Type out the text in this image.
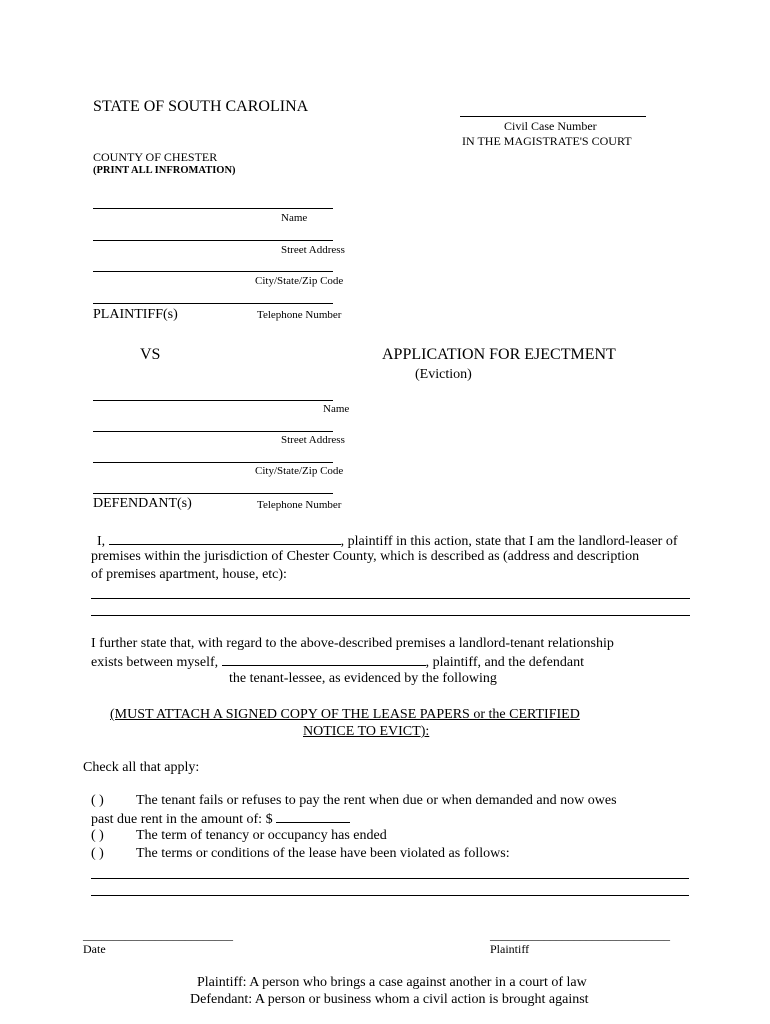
STATE OF SOUTH CAROLINA
Civil Case Number
IN THE MAGISTRATE'S COURT
COUNTY OF CHESTER
(PRINT ALL INFROMATION)
Name
Street Address
City/State/Zip Code
PLAINTIFF(s)	Telephone Number
VS	APPLICATION FOR EJECTMENT
(Eviction)
Name
Street Address
City/State/Zip Code
DEFENDANT(s)	Telephone Number
I,	, plaintiff in this action, state that I am the landlord-leaser of
premises within the jurisdiction of Chester County, which is described as (address and description
of premises apartment, house, etc):
I further state that, with regard to the above-described premises a landlord-tenant relationship
exists between myself,	, plaintiff, and the defendant
the tenant-lessee, as evidenced by the following
(MUST ATTACH A SIGNED COPY OF THE LEASE PAPERS or the CERTIFIED
NOTICE TO EVICT):
Check all that apply:
( ) The tenant fails or refuses to pay the rent when due or when demanded and now owes
past due rent in the amount of: $
( ) The term of tenancy or occupancy has ended
( ) The terms or conditions of the lease have been violated as follows:
_________________________
Date
______________________________
Plaintiff
Plaintiff: A person who brings a case against another in a court of law
Defendant: A person or business whom a civil action is brought against
